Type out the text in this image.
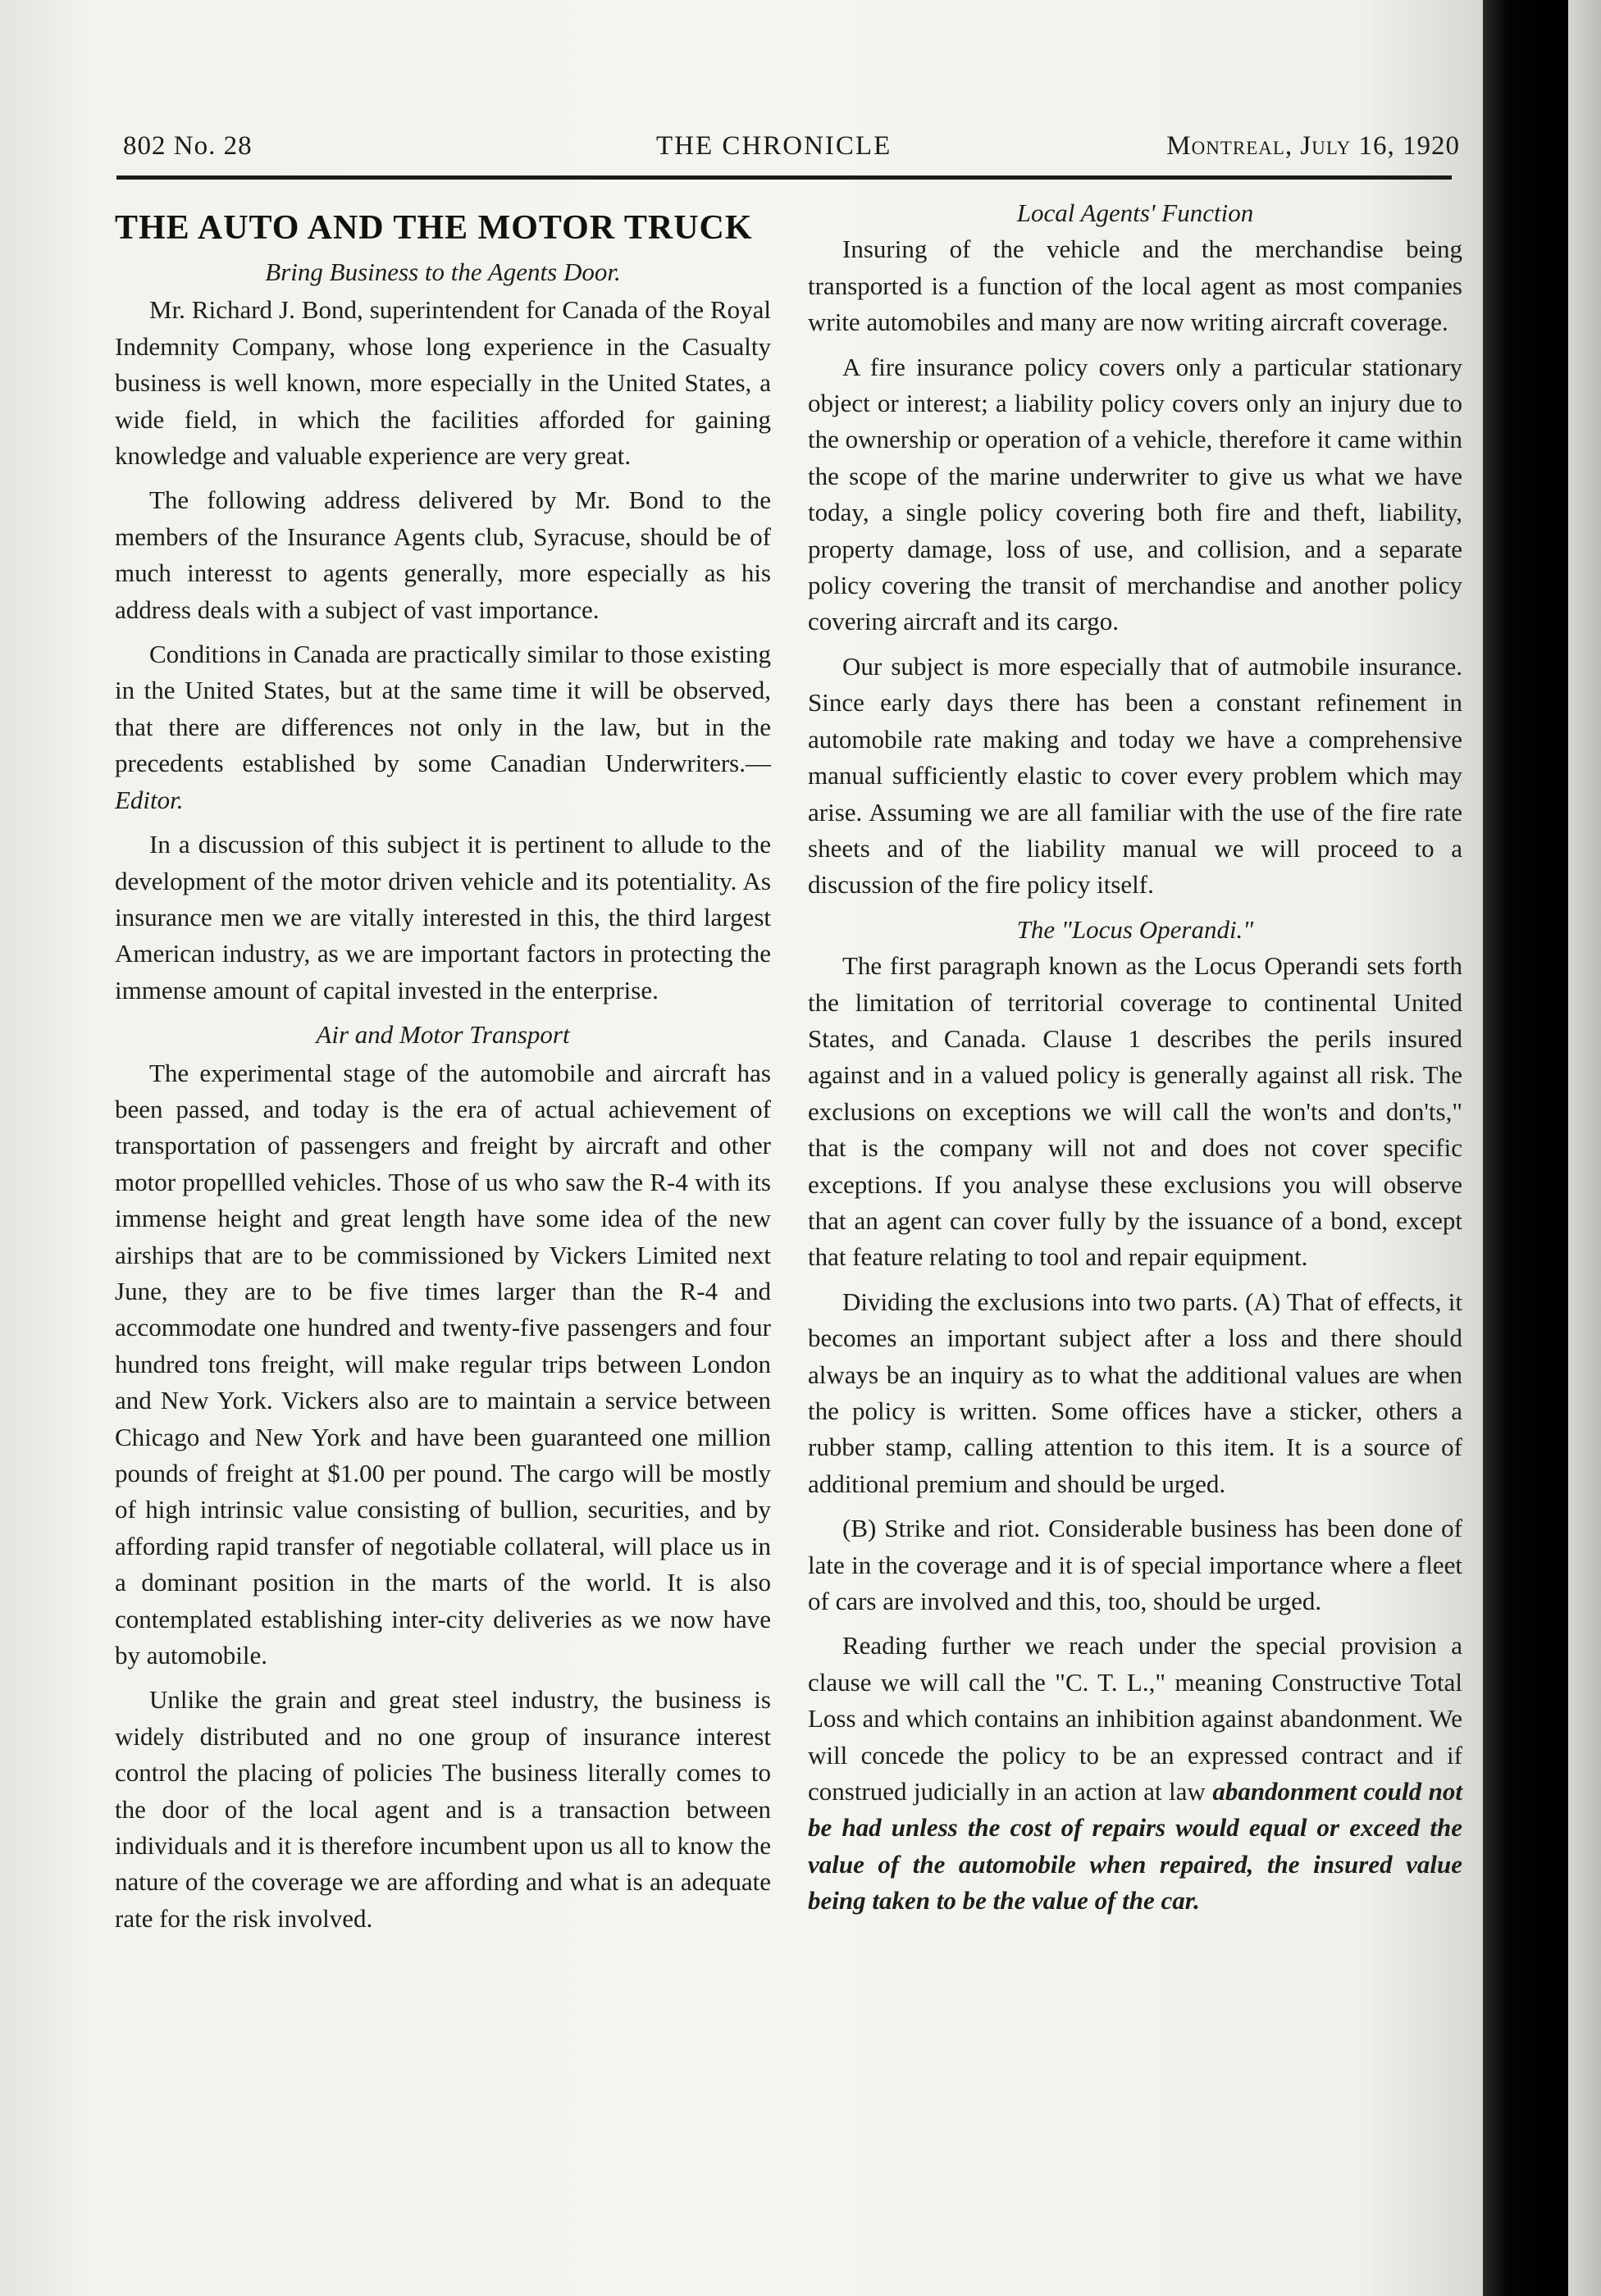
802 No. 28	THE CHRONICLE	Montreal, July 16, 1920
THE AUTO AND THE MOTOR TRUCK
Bring Business to the Agents Door.

Mr. Richard J. Bond, superintendent for Canada of the Royal Indemnity Company, whose long experience in the Casualty business is well known, more especially in the United States, a wide field, in which the facilities afforded for gaining knowledge and valuable experience are very great.

The following address delivered by Mr. Bond to the members of the Insurance Agents club, Syracuse, should be of much interesst to agents generally, more especially as his address deals with a subject of vast importance.

Conditions in Canada are practically similar to those existing in the United States, but at the same time it will be observed, that there are differences not only in the law, but in the precedents established by some Canadian Underwriters.—Editor.

In a discussion of this subject it is pertinent to allude to the development of the motor driven vehicle and its potentiality. As insurance men we are vitally interested in this, the third largest American industry, as we are important factors in protecting the immense amount of capital invested in the enterprise.

Air and Motor Transport

The experimental stage of the automobile and aircraft has been passed, and today is the era of actual achievement of transportation of passengers and freight by aircraft and other motor propellled vehicles. Those of us who saw the R-4 with its immense height and great length have some idea of the new airships that are to be commissioned by Vickers Limited next June, they are to be five times larger than the R-4 and accommodate one hundred and twenty-five passengers and four hundred tons freight, will make regular trips between London and New York. Vickers also are to maintain a service between Chicago and New York and have been guaranteed one million pounds of freight at $1.00 per pound. The cargo will be mostly of high intrinsic value consisting of bullion, securities, and by affording rapid transfer of negotiable collateral, will place us in a dominant position in the marts of the world. It is also contemplated establishing inter-city deliveries as we now have by automobile.

Unlike the grain and great steel industry, the business is widely distributed and no one group of insurance interest control the placing of policies The business literally comes to the door of the local agent and is a transaction between individuals and it is therefore incumbent upon us all to know the nature of the coverage we are affording and what is an adequate rate for the risk involved.

Local Agents' Function

Insuring of the vehicle and the merchandise being transported is a function of the local agent as most companies write automobiles and many are now writing aircraft coverage.

A fire insurance policy covers only a particular stationary object or interest; a liability policy covers only an injury due to the ownership or operation of a vehicle, therefore it came within the scope of the marine underwriter to give us what we have today, a single policy covering both fire and theft, liability, property damage, loss of use, and collision, and a separate policy covering the transit of merchandise and another policy covering aircraft and its cargo.

Our subject is more especially that of autmobile insurance. Since early days there has been a constant refinement in automobile rate making and today we have a comprehensive manual sufficiently elastic to cover every problem which may arise. Assuming we are all familiar with the use of the fire rate sheets and of the liability manual we will proceed to a discussion of the fire policy itself.

The "Locus Operandi."

The first paragraph known as the Locus Operandi sets forth the limitation of territorial coverage to continental United States, and Canada. Clause 1 describes the perils insured against and in a valued policy is generally against all risk. The exclusions on exceptions we will call the won'ts and don'ts," that is the company will not and does not cover specific exceptions. If you analyse these exclusions you will observe that an agent can cover fully by the issuance of a bond, except that feature relating to tool and repair equipment.

Dividing the exclusions into two parts. (A) That of effects, it becomes an important subject after a loss and there should always be an inquiry as to what the additional values are when the policy is written. Some offices have a sticker, others a rubber stamp, calling attention to this item. It is a source of additional premium and should be urged.

(B) Strike and riot. Considerable business has been done of late in the coverage and it is of special importance where a fleet of cars are involved and this, too, should be urged.

Reading further we reach under the special provision a clause we will call the "C. T. L.," meaning Constructive Total Loss and which contains an inhibition against abandonment. We will concede the policy to be an expressed contract and if construed judicially in an action at law abandonment could not be had unless the cost of repairs would equal or exceed the value of the automobile when repaired, the insured value being taken to be the value of the car.
